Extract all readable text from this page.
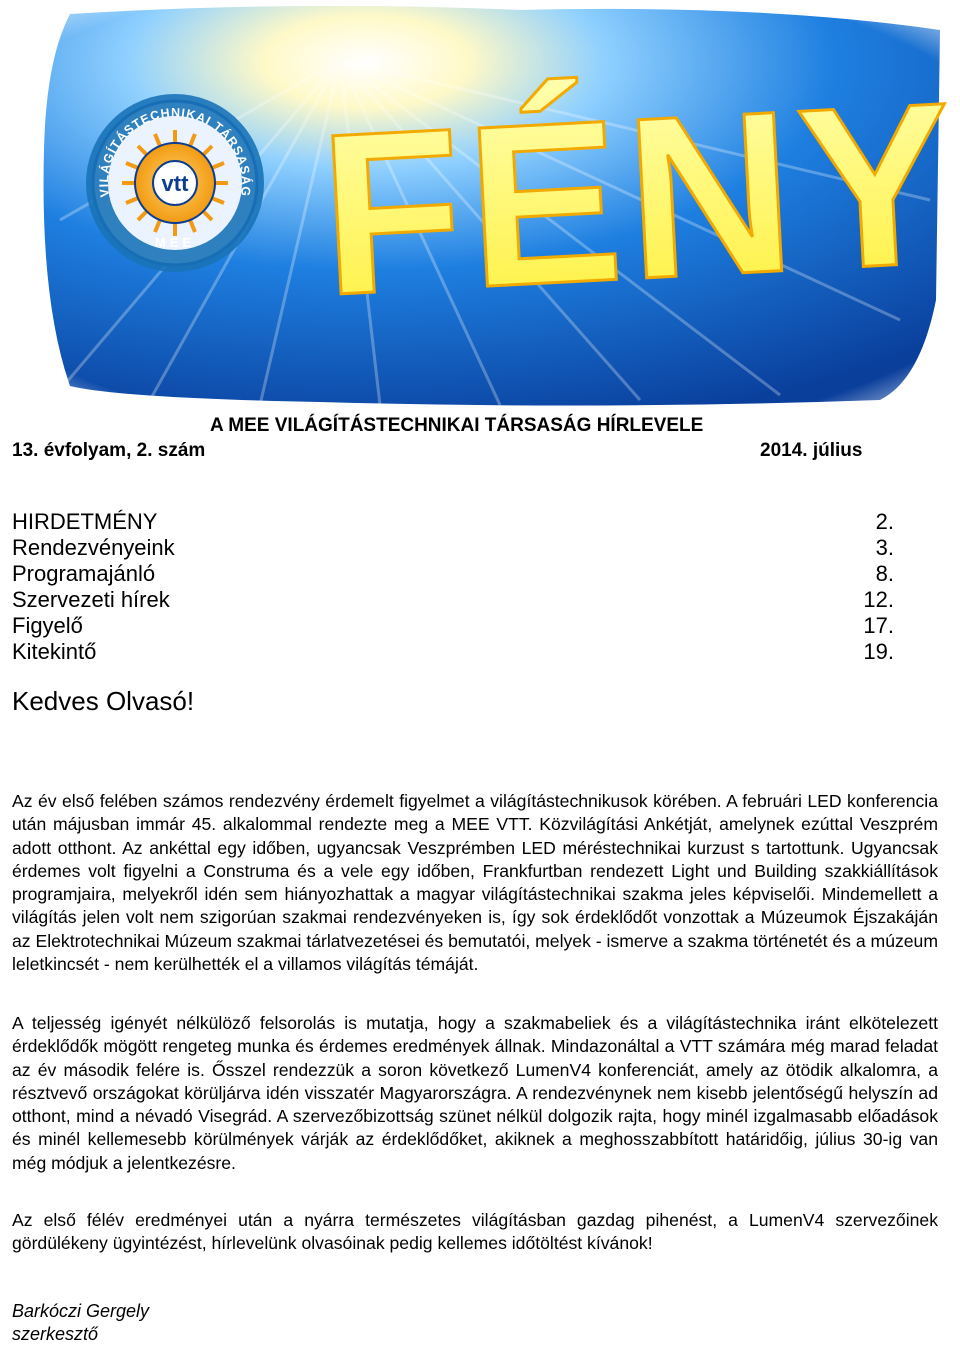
A MEE VILÁGÍTÁSTECHNIKAI TÁRSASÁG HÍRLEVELE
13. évfolyam, 2. szám	2014. július
HIRDETMÉNY	2.
Rendezvényeink	3.
Programajánló	8.
Szervezeti hírek	12.
Figyelő	17.
Kitekintő	19.
Kedves Olvasó!

Az év első felében számos rendezvény érdemelt figyelmet a világítástechnikusok körében. A februári LED konferencia után májusban immár 45. alkalommal rendezte meg a MEE VTT. Közvilágítási Ankétját, amelynek ezúttal Veszprém adott otthont. Az ankéttal egy időben, ugyancsak Veszprémben LED méréstechnikai kurzust s tartottunk. Ugyancsak érdemes volt figyelni a Construma és a vele egy időben, Frankfurtban rendezett Light und Building szakkiállítások programjaira, melyekről idén sem hiányozhattak a magyar világítástechnikai szakma jeles képviselői. Mindemellett a világítás jelen volt nem szigorúan szakmai rendezvényeken is, így sok érdeklődőt vonzottak a Múzeumok Éjszakáján az Elektrotechnikai Múzeum szakmai tárlatvezetései és bemutatói, melyek - ismerve a szakma történetét és a múzeum leletkincsét - nem kerülhették el a villamos világítás témáját.

A teljesség igényét nélkülöző felsorolás is mutatja, hogy a szakmabeliek és a világítástechnika iránt elkötelezett érdeklődők mögött rengeteg munka és érdemes eredmények állnak. Mindazonáltal a VTT számára még marad feladat az év második felére is. Ősszel rendezzük a soron következő LumenV4 konferenciát, amely az ötödik alkalomra, a résztvevő országokat körüljárva idén visszatér Magyarországra. A rendezvénynek nem kisebb jelentőségű helyszín ad otthont, mind a névadó Visegrád. A szervezőbizottság szünet nélkül dolgozik rajta, hogy minél izgalmasabb előadások és minél kellemesebb körülmények várják az érdeklődőket, akiknek a meghosszabbított határidőig, július 30-ig van még módjuk a jelentkezésre.

Az első félév eredményei után a nyárra természetes világításban gazdag pihenést, a LumenV4 szervezőinek gördülékeny ügyintézést, hírlevelünk olvasóinak pedig kellemes időtöltést kívánok!

Barkóczi Gergely
szerkesztő
